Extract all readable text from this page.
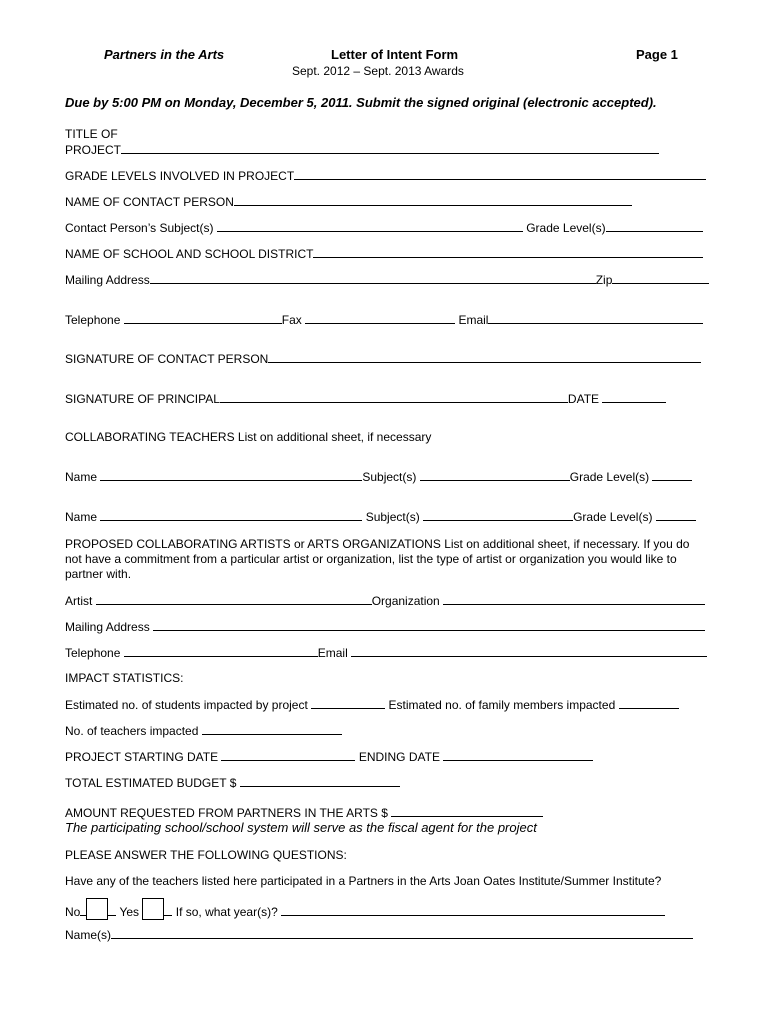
Partners in the Arts	Letter of Intent Form	Page 1
Sept. 2012 – Sept. 2013 Awards
Due by 5:00 PM on Monday, December 5, 2011. Submit the signed original (electronic accepted).
TITLE OF
PROJECT
GRADE LEVELS INVOLVED IN PROJECT
NAME OF CONTACT PERSON
Contact Person’s Subject(s)	Grade Level(s)
NAME OF SCHOOL AND SCHOOL DISTRICT
Mailing Address	Zip
Telephone	Fax	Email
SIGNATURE OF CONTACT PERSON
SIGNATURE OF PRINCIPAL	DATE
COLLABORATING TEACHERS List on additional sheet, if necessary
Name	Subject(s)	Grade Level(s)
Name	Subject(s)	Grade Level(s)
PROPOSED COLLABORATING ARTISTS or ARTS ORGANIZATIONS List on additional sheet, if necessary. If you do not have a commitment from a particular artist or organization, list the type of artist or organization you would like to partner with.
Artist	Organization
Mailing Address
Telephone	Email
IMPACT STATISTICS:
Estimated no. of students impacted by project	Estimated no. of family members impacted
No. of teachers impacted
PROJECT STARTING DATE	ENDING DATE
TOTAL ESTIMATED BUDGET $
AMOUNT REQUESTED FROM PARTNERS IN THE ARTS $
The participating school/school system will serve as the fiscal agent for the project
PLEASE ANSWER THE FOLLOWING QUESTIONS:
Have any of the teachers listed here participated in a Partners in the Arts Joan Oates Institute/Summer Institute?
No	Yes	If so, what year(s)?
Name(s)
